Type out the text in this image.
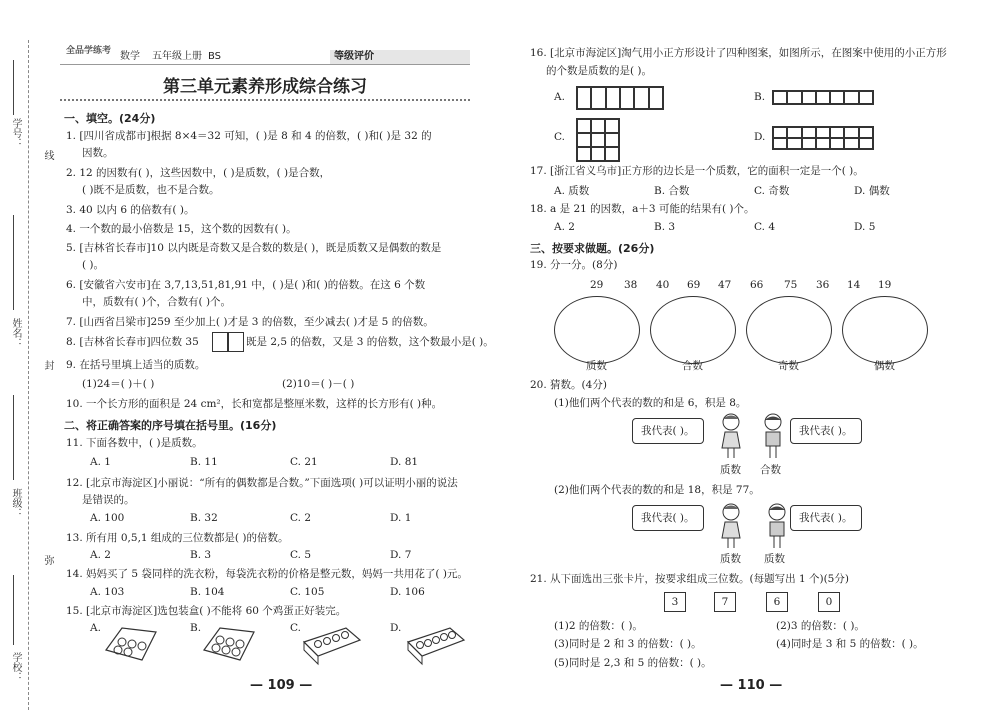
学号：
线
姓名：
封
班级：
弥
学校：
全品学练考 数学 五年级上册 BS	等级评价
第三单元素养形成综合练习
一、填空。(24分)
1. [四川省成都市]根据 8×4＝32 可知，( )是 8 和 4 的倍数，( )和( )是 32 的
因数。
2. 12 的因数有( )，这些因数中，( )是质数，( )是合数，
( )既不是质数，也不是合数。
3. 40 以内 6 的倍数有( )。
4. 一个数的最小倍数是 15，这个数的因数有( )。
5. [吉林省长春市]10 以内既是奇数又是合数的数是( )，既是质数又是偶数的数是
( )。
6. [安徽省六安市]在 3,7,13,51,81,91 中，( )是( )和( )的倍数。在这 6 个数
中，质数有( )个，合数有( )个。
7. [山西省吕梁市]259 至少加上( )才是 3 的倍数，至少减去( )才是 5 的倍数。
8. [吉林省长春市]四位数 35	既是 2,5 的倍数，又是 3 的倍数，这个数最小是( )。
9. 在括号里填上适当的质数。
(1)24＝( )＋( )	(2)10＝( )－( )
10. 一个长方形的面积是 24 cm²，长和宽都是整厘米数，这样的长方形有( )种。
二、将正确答案的序号填在括号里。(16分)
11. 下面各数中，( )是质数。
A. 1	B. 11	C. 21	D. 81
12. [北京市海淀区]小丽说：“所有的偶数都是合数。”下面选项( )可以证明小丽的说法
是错误的。
A. 100	B. 32	C. 2	D. 1
13. 所有用 0,5,1 组成的三位数都是( )的倍数。
A. 2	B. 3	C. 5	D. 7
14. 妈妈买了 5 袋同样的洗衣粉，每袋洗衣粉的价格是整元数，妈妈一共用花了( )元。
A. 103	B. 104	C. 105	D. 106
15. [北京市海淀区]选包装盒( )不能将 60 个鸡蛋正好装完。
A.	B.	C.	D.
— 109 —
16. [北京市海淀区]淘气用小正方形设计了四种图案，如图所示，在图案中使用的小正方形
的个数是质数的是( )。
A.	B.
C.	D.
17. [浙江省义乌市]正方形的边长是一个质数，它的面积一定是一个( )。
A. 质数	B. 合数	C. 奇数	D. 偶数
18. a 是 21 的因数，a＋3 可能的结果有( )个。
A. 2	B. 3	C. 4	D. 5
三、按要求做题。(26分)
19. 分一分。(8分)
29 38 40 69 47 66 75 36 14 19
质数	合数	奇数	偶数
20. 猜数。(4分)
(1)他们两个代表的数的和是 6，积是 8。
我代表( )。	我代表( )。
质数 合数
(2)他们两个代表的数的和是 18，积是 77。
我代表( )。	我代表( )。
质数 质数
21. 从下面选出三张卡片，按要求组成三位数。(每题写出 1 个)(5分)
3	7	6	0
(1)2 的倍数：( )。	(2)3 的倍数：( )。
(3)同时是 2 和 3 的倍数：( )。	(4)同时是 3 和 5 的倍数：( )。
(5)同时是 2,3 和 5 的倍数：( )。
— 110 —
